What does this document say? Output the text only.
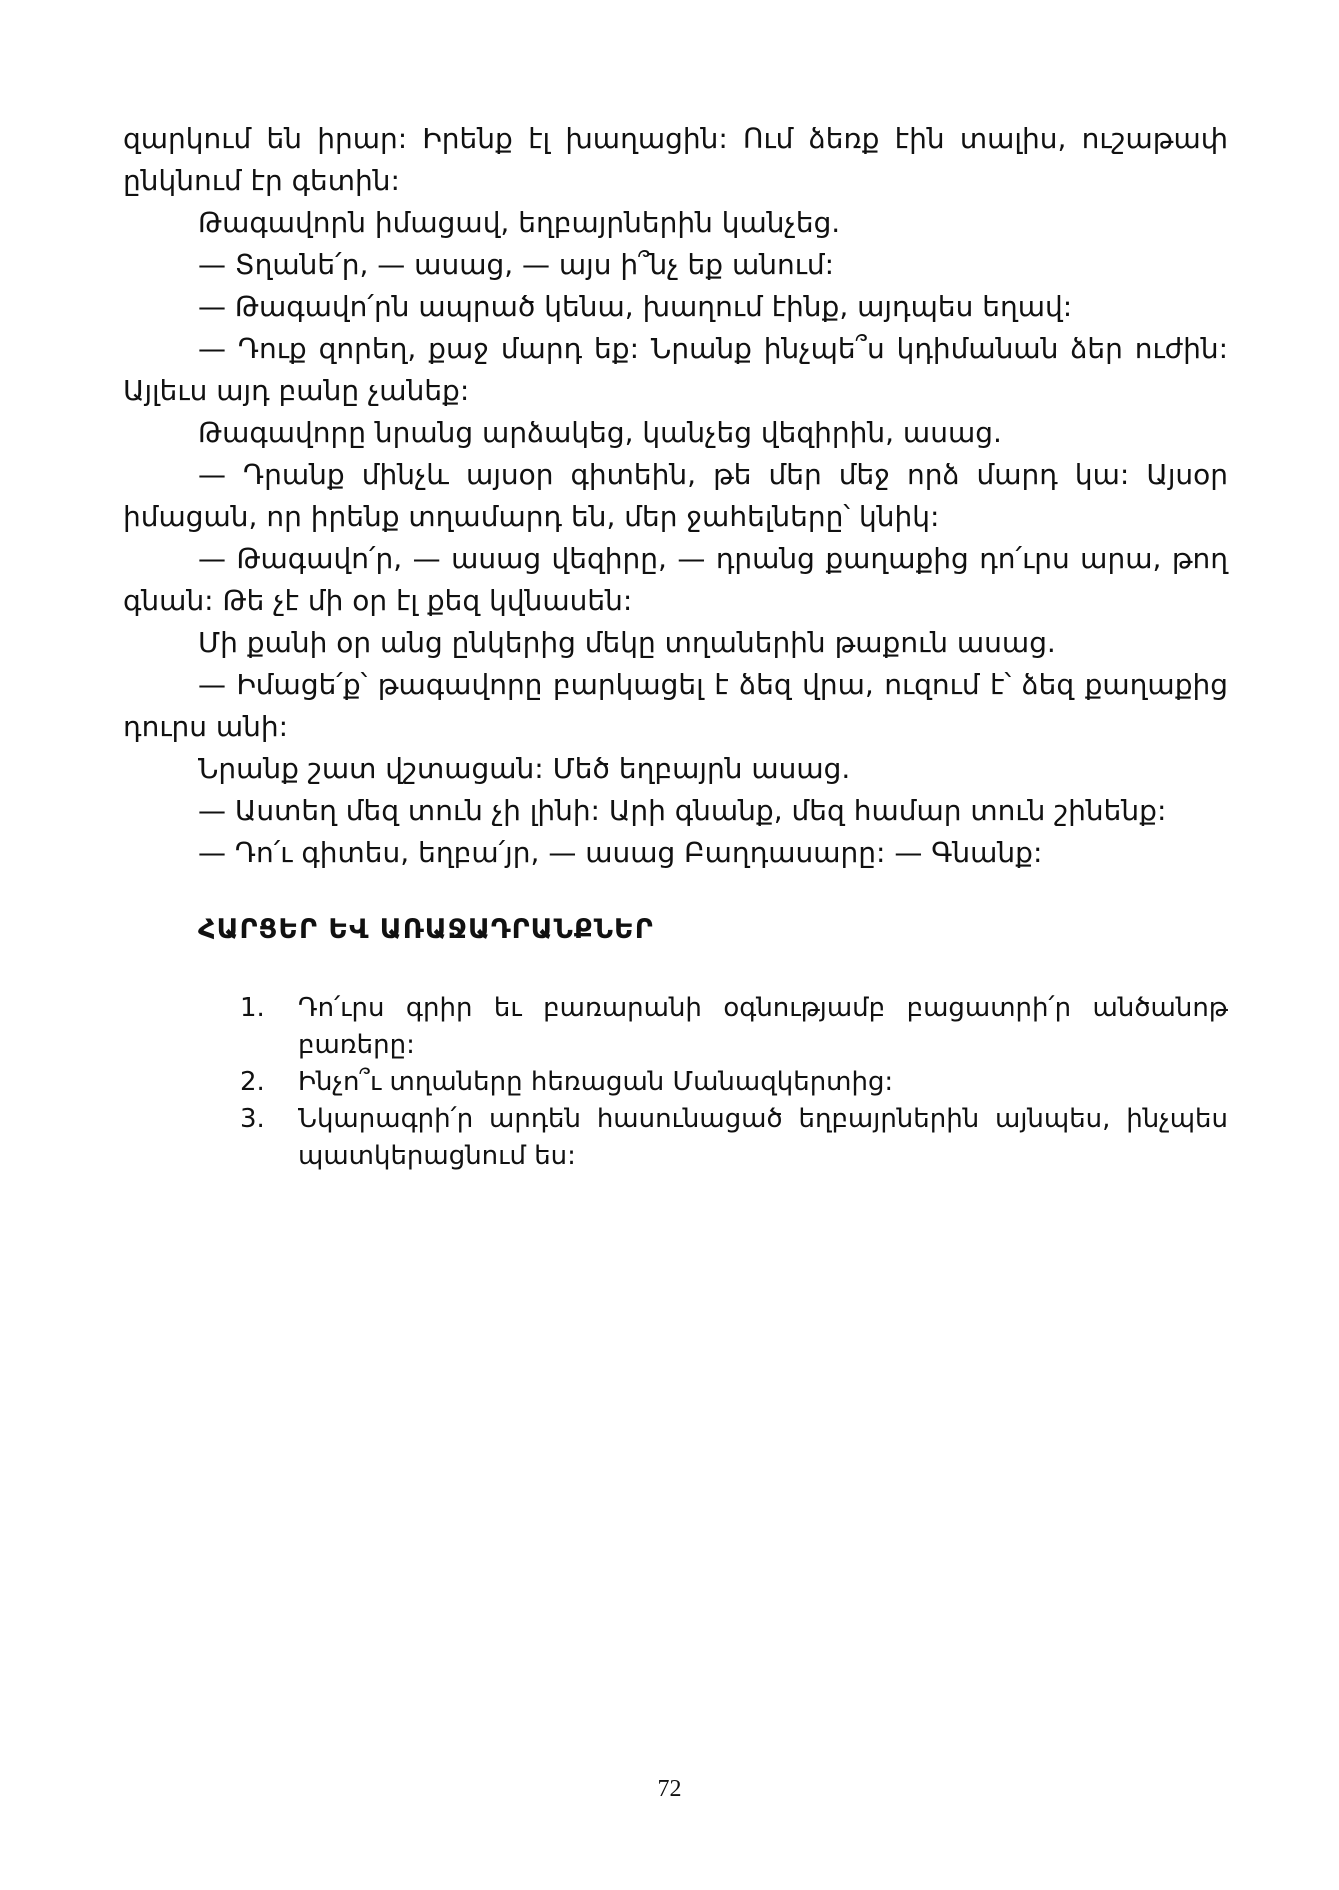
զարկում են իրար: Իրենք էլ խաղացին: Ում ձեռք էին տալիս, ուշաթափ ընկնում էր գետին:

Թագավորն իմացավ, եղբայրներին կանչեց.

— Տղանե՛ր, — ասաց, — այս ի՞նչ եք անում:

— Թագավո՛րն ապրած կենա, խաղում էինք, այդպես եղավ:

— Դուք զորեղ, քաջ մարդ եք: Նրանք ինչպե՞ս կդիմանան ձեր ուժին: Այլեւս այդ բանը չանեք:

Թագավորը նրանց արձակեց, կանչեց վեզիրին, ասաց.

— Դրանք մինչև այսօր գիտեին, թե մեր մեջ որձ մարդ կա: Այսօր իմացան, որ իրենք տղամարդ են, մեր ջահելները՝ կնիկ:

— Թագավո՛ր, — ասաց վեզիրը, — դրանց քաղաքից դո՛ւրս արա, թող գնան: Թե չէ մի օր էլ քեզ կվնասեն:

Մի քանի օր անց ընկերից մեկը տղաներին թաքուն ասաց.

— Իմացե՛ք՝ թագավորը բարկացել է ձեզ վրա, ուզում է՝ ձեզ քաղաքից դուրս անի:

Նրանք շատ վշտացան: Մեծ եղբայրն ասաց.

— Աստեղ մեզ տուն չի լինի: Արի գնանք, մեզ համար տուն շինենք:

— Դո՛ւ գիտես, եղբա՛յր, — ասաց Բաղդասարը: — Գնանք:

ՀԱՐՑԵՐ ԵՎ ԱՌԱՋԱԴՐԱՆՔՆԵՐ
1.	Դո՛ւրս գրիր եւ բառարանի օգնությամբ բացատրի՛ր անծանոթ բառերը:
2.	Ինչո՞ւ տղաները հեռացան Մանազկերտից:
3.	Նկարագրի՛ր արդեն հասունացած եղբայրներին այնպես, ինչպես պատկերացնում ես:
72
